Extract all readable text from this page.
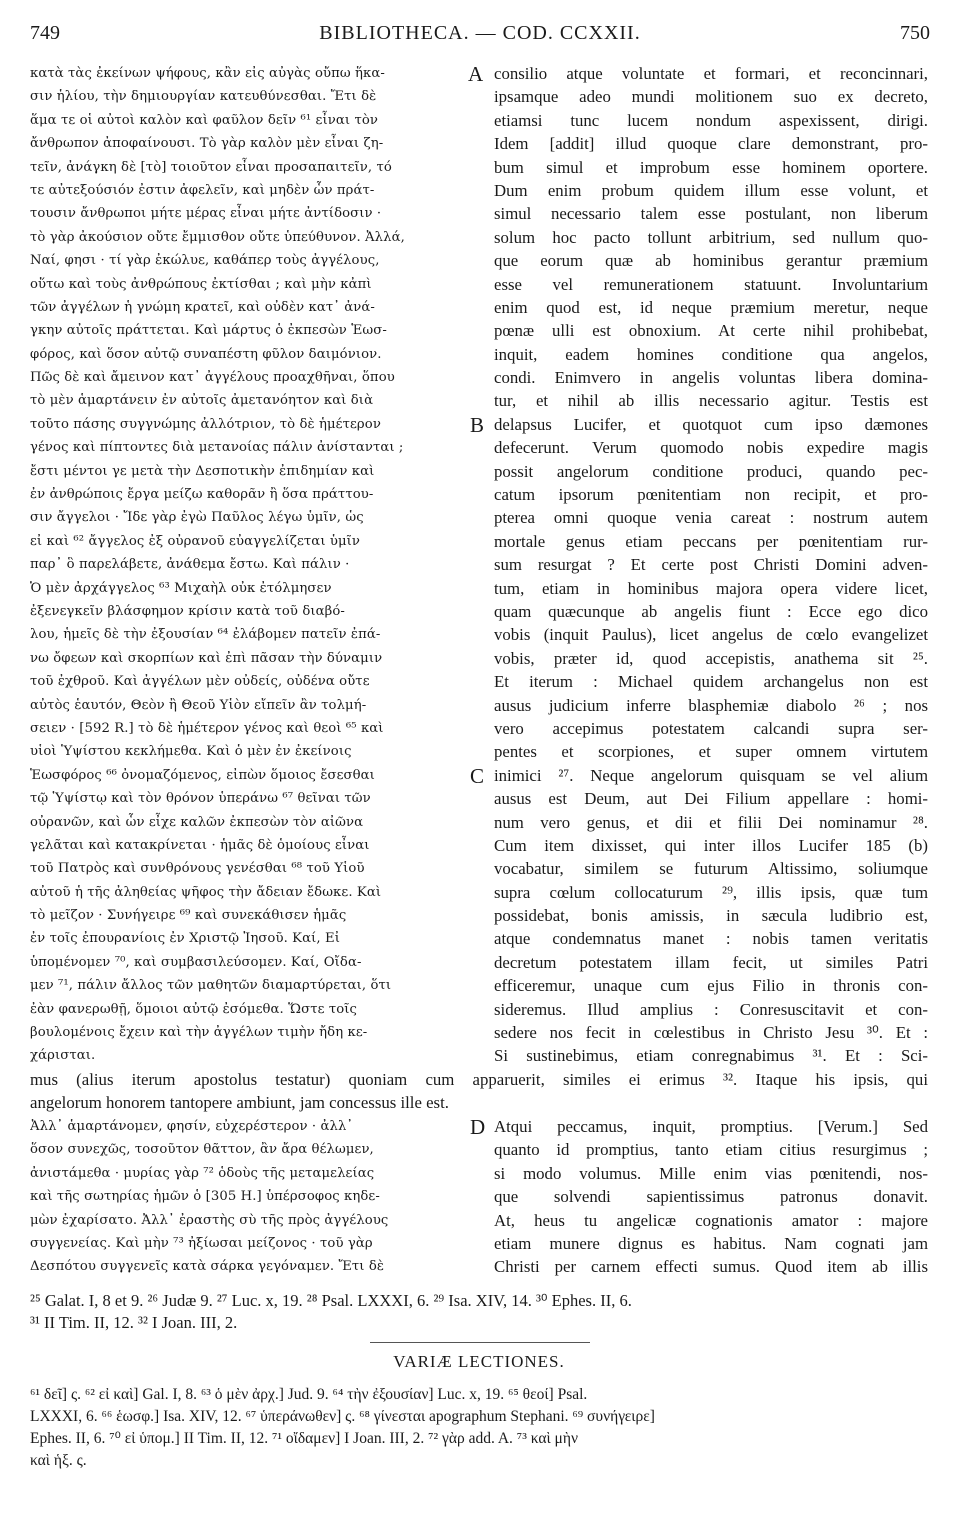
749	BIBLIOTHECA. — COD. CCXXII.	750
κατὰ τὰς ἐκείνων ψήφους, κἂν εἰς αὐγὰς οὔπω ἥκα-
σιν ἡλίου, τὴν δημιουργίαν κατευθύνεσθαι. Ἔτι δὲ
ἅμα τε οἱ αὐτοὶ καλὸν καὶ φαῦλον δεῖν ⁶¹ εἶναι τὸν
ἄνθρωπον ἀποφαίνουσι. Τὸ γὰρ καλὸν μὲν εἶναι ζη-
τεῖν, ἀνάγκη δὲ [τὸ] τοιοῦτον εἶναι προσαπαιτεῖν, τό
τε αὐτεξούσιόν ἐστιν ἀφελεῖν, καὶ μηδὲν ὧν πράτ-
τουσιν ἄνθρωποι μήτε μέρας εἶναι μήτε ἀντίδοσιν ·
τὸ γὰρ ἀκούσιον οὔτε ἔμμισθον οὔτε ὑπεύθυνον. Ἀλλά,
Ναί, φησι · τί γὰρ ἐκώλυε, καθάπερ τοὺς ἀγγέλους,
οὕτω καὶ τοὺς ἀνθρώπους ἐκτίσθαι ; καὶ μὴν κἀπὶ
τῶν ἀγγέλων ἡ γνώμη κρατεῖ, καὶ οὐδὲν κατ᾽ ἀνά-
γκην αὐτοῖς πράττεται. Καὶ μάρτυς ὁ ἐκπεσὼν Ἑωσ-
φόρος, καὶ ὅσον αὐτῷ συναπέστη φῦλον δαιμόνιον.
Πῶς δὲ καὶ ἄμεινον κατ᾽ ἀγγέλους προαχθῆναι, ὅπου
τὸ μὲν ἁμαρτάνειν ἐν αὐτοῖς ἀμετανόητον καὶ διὰ
τοῦτο πάσης συγγνώμης ἀλλότριον, τὸ δὲ ἡμέτερον
γένος καὶ πίπτοντες διὰ μετανοίας πάλιν ἀνίστανται ;
ἔστι μέντοι γε μετὰ τὴν Δεσποτικὴν ἐπιδημίαν καὶ
ἐν ἀνθρώποις ἔργα μείζω καθορᾶν ἢ ὅσα πράττου-
σιν ἄγγελοι · Ἴδε γὰρ ἐγὼ Παῦλος λέγω ὑμῖν, ὡς
εἰ καὶ ⁶² ἄγγελος ἐξ οὐρανοῦ εὐαγγελίζεται ὑμῖν
παρ᾽ ὃ παρελάβετε, ἀνάθεμα ἔστω. Καὶ πάλιν ·
Ὁ μὲν ἀρχάγγελος ⁶³ Μιχαὴλ οὐκ ἐτόλμησεν
ἐξενεγκεῖν βλάσφημον κρίσιν κατὰ τοῦ διαβό-
λου, ἡμεῖς δὲ τὴν ἐξουσίαν ⁶⁴ ἐλάβομεν πατεῖν ἐπά-
νω ὄφεων καὶ σκορπίων καὶ ἐπὶ πᾶσαν τὴν δύναμιν
τοῦ ἐχθροῦ. Καὶ ἀγγέλων μὲν οὐδείς, οὐδένα οὔτε
αὐτὸς ἑαυτόν, Θεὸν ἢ Θεοῦ Υἱὸν εἴπεῖν ἂν τολμή-
σειεν · [592 R.] τὸ δὲ ἡμέτερον γένος καὶ θεοὶ ⁶⁵ καὶ
υἱοὶ Ὑψίστου κεκλήμεθα. Καὶ ὁ μὲν ἐν ἐκείνοις
Ἑωσφόρος ⁶⁶ ὀνομαζόμενος, εἰπὼν ὅμοιος ἔσεσθαι
τῷ Ὑψίστῳ καὶ τὸν θρόνον ὑπεράνω ⁶⁷ θεῖναι τῶν
οὐρανῶν, καὶ ὧν εἶχε καλῶν ἐκπεσὼν τὸν αἰῶνα
γελᾶται καὶ κατακρίνεται · ἡμᾶς δὲ ὁμοίους εἶναι
τοῦ Πατρὸς καὶ συνθρόνους γενέσθαι ⁶⁸ τοῦ Υἱοῦ
αὐτοῦ ἡ τῆς ἀληθείας ψῆφος τὴν ἄδειαν ἔδωκε. Καὶ
τὸ μεῖζον · Συνήγειρε ⁶⁹ καὶ συνεκάθισεν ἡμᾶς
ἐν τοῖς ἐπουρανίοις ἐν Χριστῷ Ἰησοῦ. Καί, Εἰ
ὑπομένομεν ⁷⁰, καὶ συμβασιλεύσομεν. Καί, Οἴδα-
μεν ⁷¹, πάλιν ἄλλος τῶν μαθητῶν διαμαρτύρεται, ὅτι
ἐὰν φανερωθῇ, ὅμοιοι αὐτῷ ἐσόμεθα. Ὥστε τοῖς
βουλομένοις ἔχειν καὶ τὴν ἀγγέλων τιμὴν ἤδη κε-
χάρισται.
consilio atque voluntate et formari, et reconcinnari,
ipsamque adeo mundi molitionem suo ex decreto,
etiamsi tunc lucem nondum aspexissent, dirigi.
Idem [addit] illud quoque clare demonstrant, pro-
bum simul et improbum esse hominem oportere.
Dum enim probum quidem illum esse volunt, et
simul necessario talem esse postulant, non liberum
solum hoc pacto tollunt arbitrium, sed nullum quo-
que eorum quæ ab hominibus gerantur præmium
esse vel remunerationem statuunt. Involuntarium
enim quod est, id neque præmium meretur, neque
pœnæ ulli est obnoxium. At certe nihil prohibebat,
inquit, eadem homines conditione qua angelos,
condi. Enimvero in angelis voluntas libera domina-
tur, et nihil ab illis necessario agitur. Testis est
delapsus Lucifer, et quotquot cum ipso dæmones
defecerunt. Verum quomodo nobis expedire magis
possit angelorum conditione produci, quando pec-
catum ipsorum pœnitentiam non recipit, et pro-
pterea omni quoque venia careat : nostrum autem
mortale genus etiam peccans per pœnitentiam rur-
sum resurgat ? Et certe post Christi Domini adven-
tum, etiam in hominibus majora opera videre licet,
quam quæcunque ab angelis fiunt : Ecce ego dico
vobis (inquit Paulus), licet angelus de cœlo evangelizet
vobis, præter id, quod accepistis, anathema sit ²⁵.
Et iterum : Michael quidem archangelus non est
ausus judicium inferre blasphemiæ diabolo ²⁶ ; nos
vero accepimus potestatem calcandi supra ser-
pentes et scorpiones, et super omnem virtutem
inimici ²⁷. Neque angelorum quisquam se vel alium
ausus est Deum, aut Dei Filium appellare : homi-
num vero genus, et dii et filii Dei nominamur ²⁸.
Cum item dixisset, qui inter illos Lucifer 185 (b)
vocabatur, similem se futurum Altissimo, soliumque
supra cœlum collocaturum ²⁹, illis ipsis, quæ tum
possidebat, bonis amissis, in sæcula ludibrio est,
atque condemnatus manet : nobis tamen veritatis
decretum potestatem illam fecit, ut similes Patri
efficeremur, unaque cum ejus Filio in thronis con-
sideremus. Illud amplius : Conresuscitavit et con-
sedere nos fecit in cœlestibus in Christo Jesu ³⁰. Et :
Si sustinebimus, etiam conregnabimus ³¹. Et : Sci-
A
B
C
D
mus (alius iterum apostolus testatur) quoniam cum apparuerit, similes ei erimus ³². Itaque his ipsis, qui
angelorum honorem tantopere ambiunt, jam concessus ille est.
Ἀλλ᾽ ἁμαρτάνομεν, φησίν, εὐχερέστερον · ἀλλ᾽
ὅσον συνεχῶς, τοσοῦτον θᾶττον, ἂν ἄρα θέλωμεν,
ἀνιστάμεθα · μυρίας γὰρ ⁷² ὁδοὺς τῆς μεταμελείας
καὶ τῆς σωτηρίας ἡμῶν ὁ [305 H.] ὑπέρσοφος κηδε-
μὼν ἐχαρίσατο. Ἀλλ᾽ ἐραστὴς σὺ τῆς πρὸς ἀγγέλους
συγγενείας. Καὶ μὴν ⁷³ ἠξίωσαι μείζονος · τοῦ γὰρ
Δεσπότου συγγενεῖς κατὰ σάρκα γεγόναμεν. Ἔτι δὲ
Atqui peccamus, inquit, promptius. [Verum.] Sed
quanto id promptius, tanto etiam citius resurgimus ;
si modo volumus. Mille enim vias pœnitendi, nos-
que solvendi sapientissimus patronus donavit.
At, heus tu angelicæ cognationis amator : majore
etiam munere dignus es habitus. Nam cognati jam
Christi per carnem effecti sumus. Quod item ab illis
²⁵ Galat. I, 8 et 9. ²⁶ Judæ 9. ²⁷ Luc. x, 19. ²⁸ Psal. LXXXI, 6. ²⁹ Isa. XIV, 14. ³⁰ Ephes. II, 6.
³¹ II Tim. II, 12. ³² I Joan. III, 2.
VARIÆ LECTIONES.
⁶¹ δεῖ] ς. ⁶² εἰ καὶ] Gal. I, 8. ⁶³ ὁ μὲν ἀρχ.] Jud. 9. ⁶⁴ τὴν ἐξουσίαν] Luc. x, 19. ⁶⁵ θεοί] Psal.
LXXXI, 6. ⁶⁶ ἑωσφ.] Isa. XIV, 12. ⁶⁷ ὑπεράνωθεν] ς. ⁶⁸ γίνεσται apographum Stephani. ⁶⁹ συνήγειρε]
Ephes. II, 6. ⁷⁰ εἰ ὑπομ.] II Tim. II, 12. ⁷¹ οἴδαμεν] I Joan. III, 2. ⁷² γὰρ add. A. ⁷³ καὶ μὴν
καὶ ἡξ. ς.
